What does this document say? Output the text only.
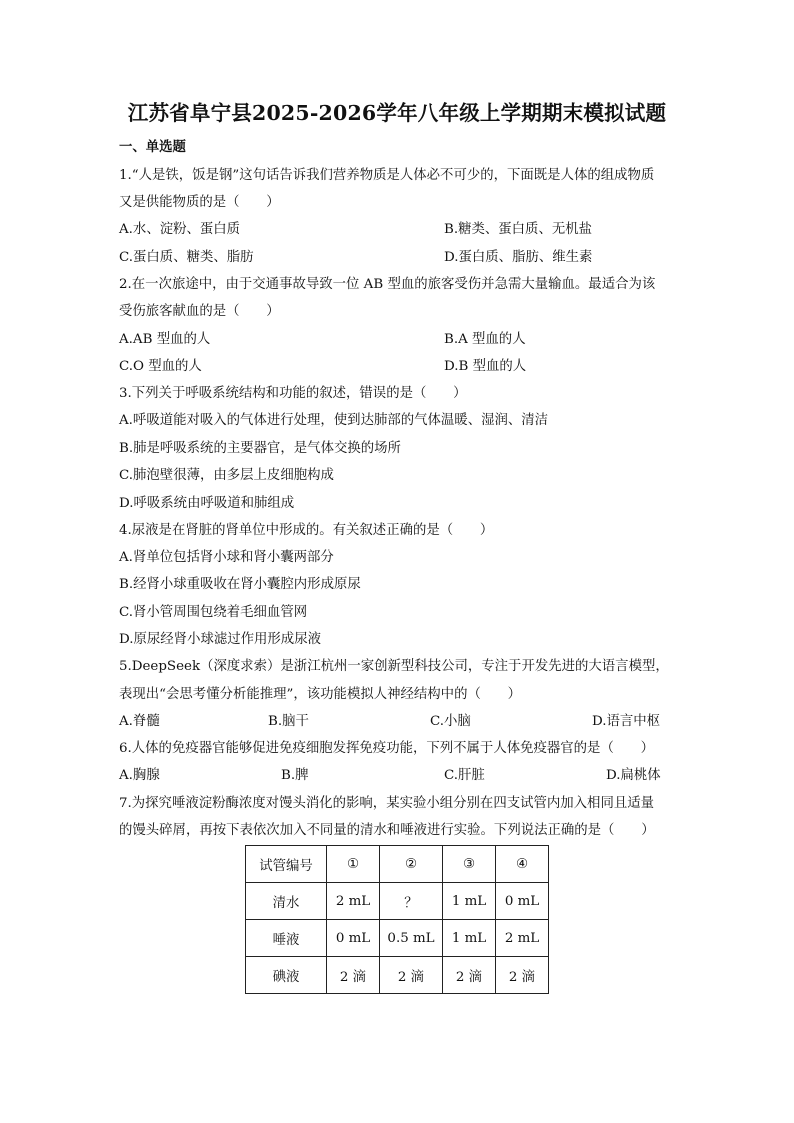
江苏省阜宁县2025-2026学年八年级上学期期末模拟试题
一、单选题
1.“人是铁，饭是钢”这句话告诉我们营养物质是人体必不可少的，下面既是人体的组成物质
又是供能物质的是（　　）
A.水、淀粉、蛋白质	B.糖类、蛋白质、无机盐
C.蛋白质、糖类、脂肪	D.蛋白质、脂肪、维生素
2.在一次旅途中，由于交通事故导致一位 AB 型血的旅客受伤并急需大量输血。最适合为该
受伤旅客献血的是（　　）
A.AB 型血的人	B.A 型血的人
C.O 型血的人	D.B 型血的人
3.下列关于呼吸系统结构和功能的叙述，错误的是（　　）
A.呼吸道能对吸入的气体进行处理，使到达肺部的气体温暖、湿润、清洁
B.肺是呼吸系统的主要器官，是气体交换的场所
C.肺泡壁很薄，由多层上皮细胞构成
D.呼吸系统由呼吸道和肺组成
4.尿液是在肾脏的肾单位中形成的。有关叙述正确的是（　　）
A.肾单位包括肾小球和肾小囊两部分
B.经肾小球重吸收在肾小囊腔内形成原尿
C.肾小管周围包绕着毛细血管网
D.原尿经肾小球滤过作用形成尿液
5.DeepSeek（深度求索）是浙江杭州一家创新型科技公司，专注于开发先进的大语言模型，
表现出“会思考懂分析能推理”，该功能模拟人神经结构中的（　　）
A.脊髓	B.脑干	C.小脑	D.语言中枢
6.人体的免疫器官能够促进免疫细胞发挥免疫功能，下列不属于人体免疫器官的是（　　）
A.胸腺	B.脾	C.肝脏	D.扁桃体
7.为探究唾液淀粉酶浓度对馒头消化的影响，某实验小组分别在四支试管内加入相同且适量
的馒头碎屑，再按下表依次加入不同量的清水和唾液进行实验。下列说法正确的是（　　）
试管编号	①	②	③	④
清水	2 mL	？	1 mL	0 mL
唾液	0 mL	0.5 mL	1 mL	2 mL
碘液	2 滴	2 滴	2 滴	2 滴
